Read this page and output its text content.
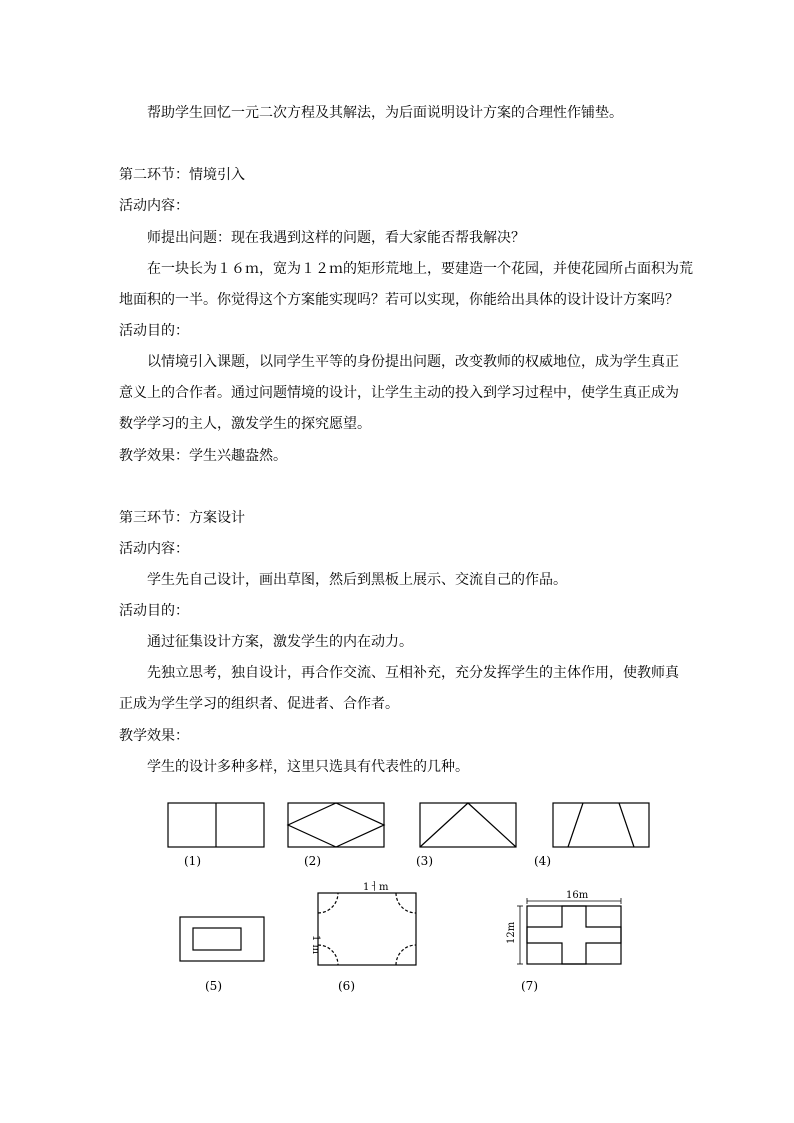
帮助学生回忆一元二次方程及其解法，为后面说明设计方案的合理性作铺垫。
第二环节：情境引入
活动内容：
师提出问题：现在我遇到这样的问题，看大家能否帮我解决？
在一块长为１６ｍ，宽为１２ｍ的矩形荒地上，要建造一个花园，并使花园所占面积为荒
地面积的一半。你觉得这个方案能实现吗？若可以实现，你能给出具体的设计设计方案吗？
活动目的：
以情境引入课题，以同学生平等的身份提出问题，改变教师的权威地位，成为学生真正
意义上的合作者。通过问题情境的设计，让学生主动的投入到学习过程中，使学生真正成为
数学学习的主人，激发学生的探究愿望。
教学效果：学生兴趣盎然。
第三环节：方案设计
活动内容：
学生先自己设计，画出草图，然后到黑板上展示、交流自己的作品。
活动目的：
通过征集设计方案，激发学生的内在动力。
先独立思考，独自设计，再合作交流、互相补充，充分发挥学生的主体作用，使教师真
正成为学生学习的组织者、促进者、合作者。
教学效果：
学生的设计多种多样，这里只选具有代表性的几种。
(1)	(2)	(3)	(4)
(5)	(6)	(7)
1ￆm
1 m
16m
12m
